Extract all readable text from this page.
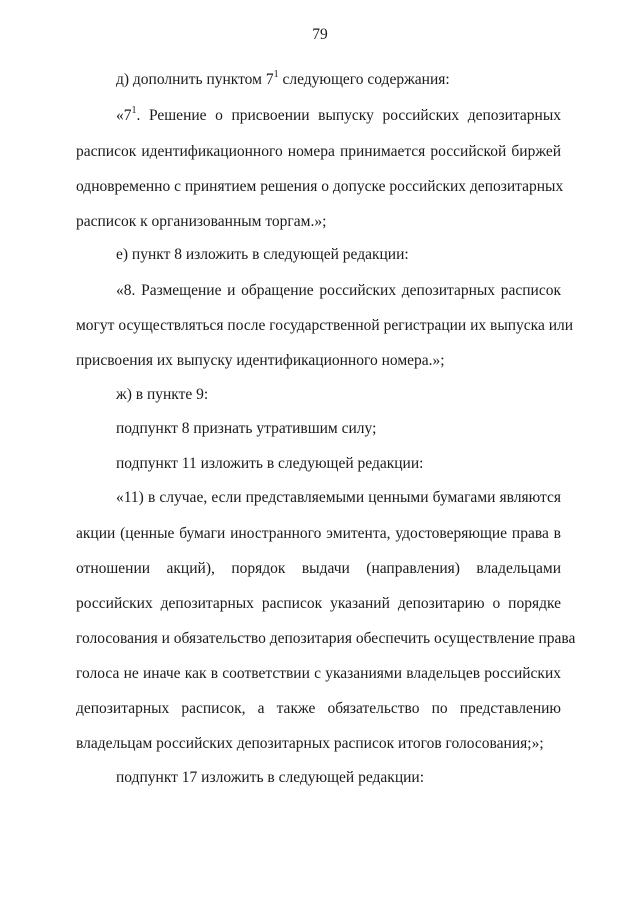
79
д) дополнить пунктом $7^1$ следующего содержания:
«$7^1$. Решение о присвоении выпуску российских депозитарных
расписок идентификационного номера принимается российской биржей
одновременно с принятием решения о допуске российских депозитарных
расписок к организованным торгам.»;
е) пункт 8 изложить в следующей редакции:
«8. Размещение и обращение российских депозитарных расписок
могут осуществляться после государственной регистрации их выпуска или
присвоения их выпуску идентификационного номера.»;
ж) в пункте 9:
подпункт 8 признать утратившим силу;
подпункт 11 изложить в следующей редакции:
«11) в случае, если представляемыми ценными бумагами являются
акции (ценные бумаги иностранного эмитента, удостоверяющие права в
отношении акций), порядок выдачи (направления) владельцами
российских депозитарных расписок указаний депозитарию о порядке
голосования и обязательство депозитария обеспечить осуществление права
голоса не иначе как в соответствии с указаниями владельцев российских
депозитарных расписок, а также обязательство по представлению
владельцам российских депозитарных расписок итогов голосования;»;
подпункт 17 изложить в следующей редакции:
